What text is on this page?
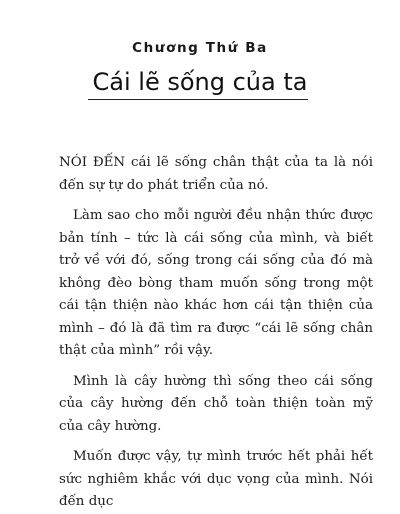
Chương Thứ Ba
Cái lẽ sống của ta

NÓI ĐẾN cái lẽ sống chân thật của ta là nói đến sự tự do phát triển của nó.

Làm sao cho mỗi người đều nhận thức được bản tính – tức là cái sống của mình, và biết trở về với đó, sống trong cái sống của đó mà không đèo bòng tham muốn sống trong một cái tận thiện nào khác hơn cái tận thiện của mình – đó là đã tìm ra được “cái lẽ sống chân thật của mình” rồi vậy.

Mình là cây hường thì sống theo cái sống của cây hường đến chỗ toàn thiện toàn mỹ của cây hường.

Muốn được vậy, tự mình trước hết phải hết sức nghiêm khắc với dục vọng của mình. Nói đến dục
